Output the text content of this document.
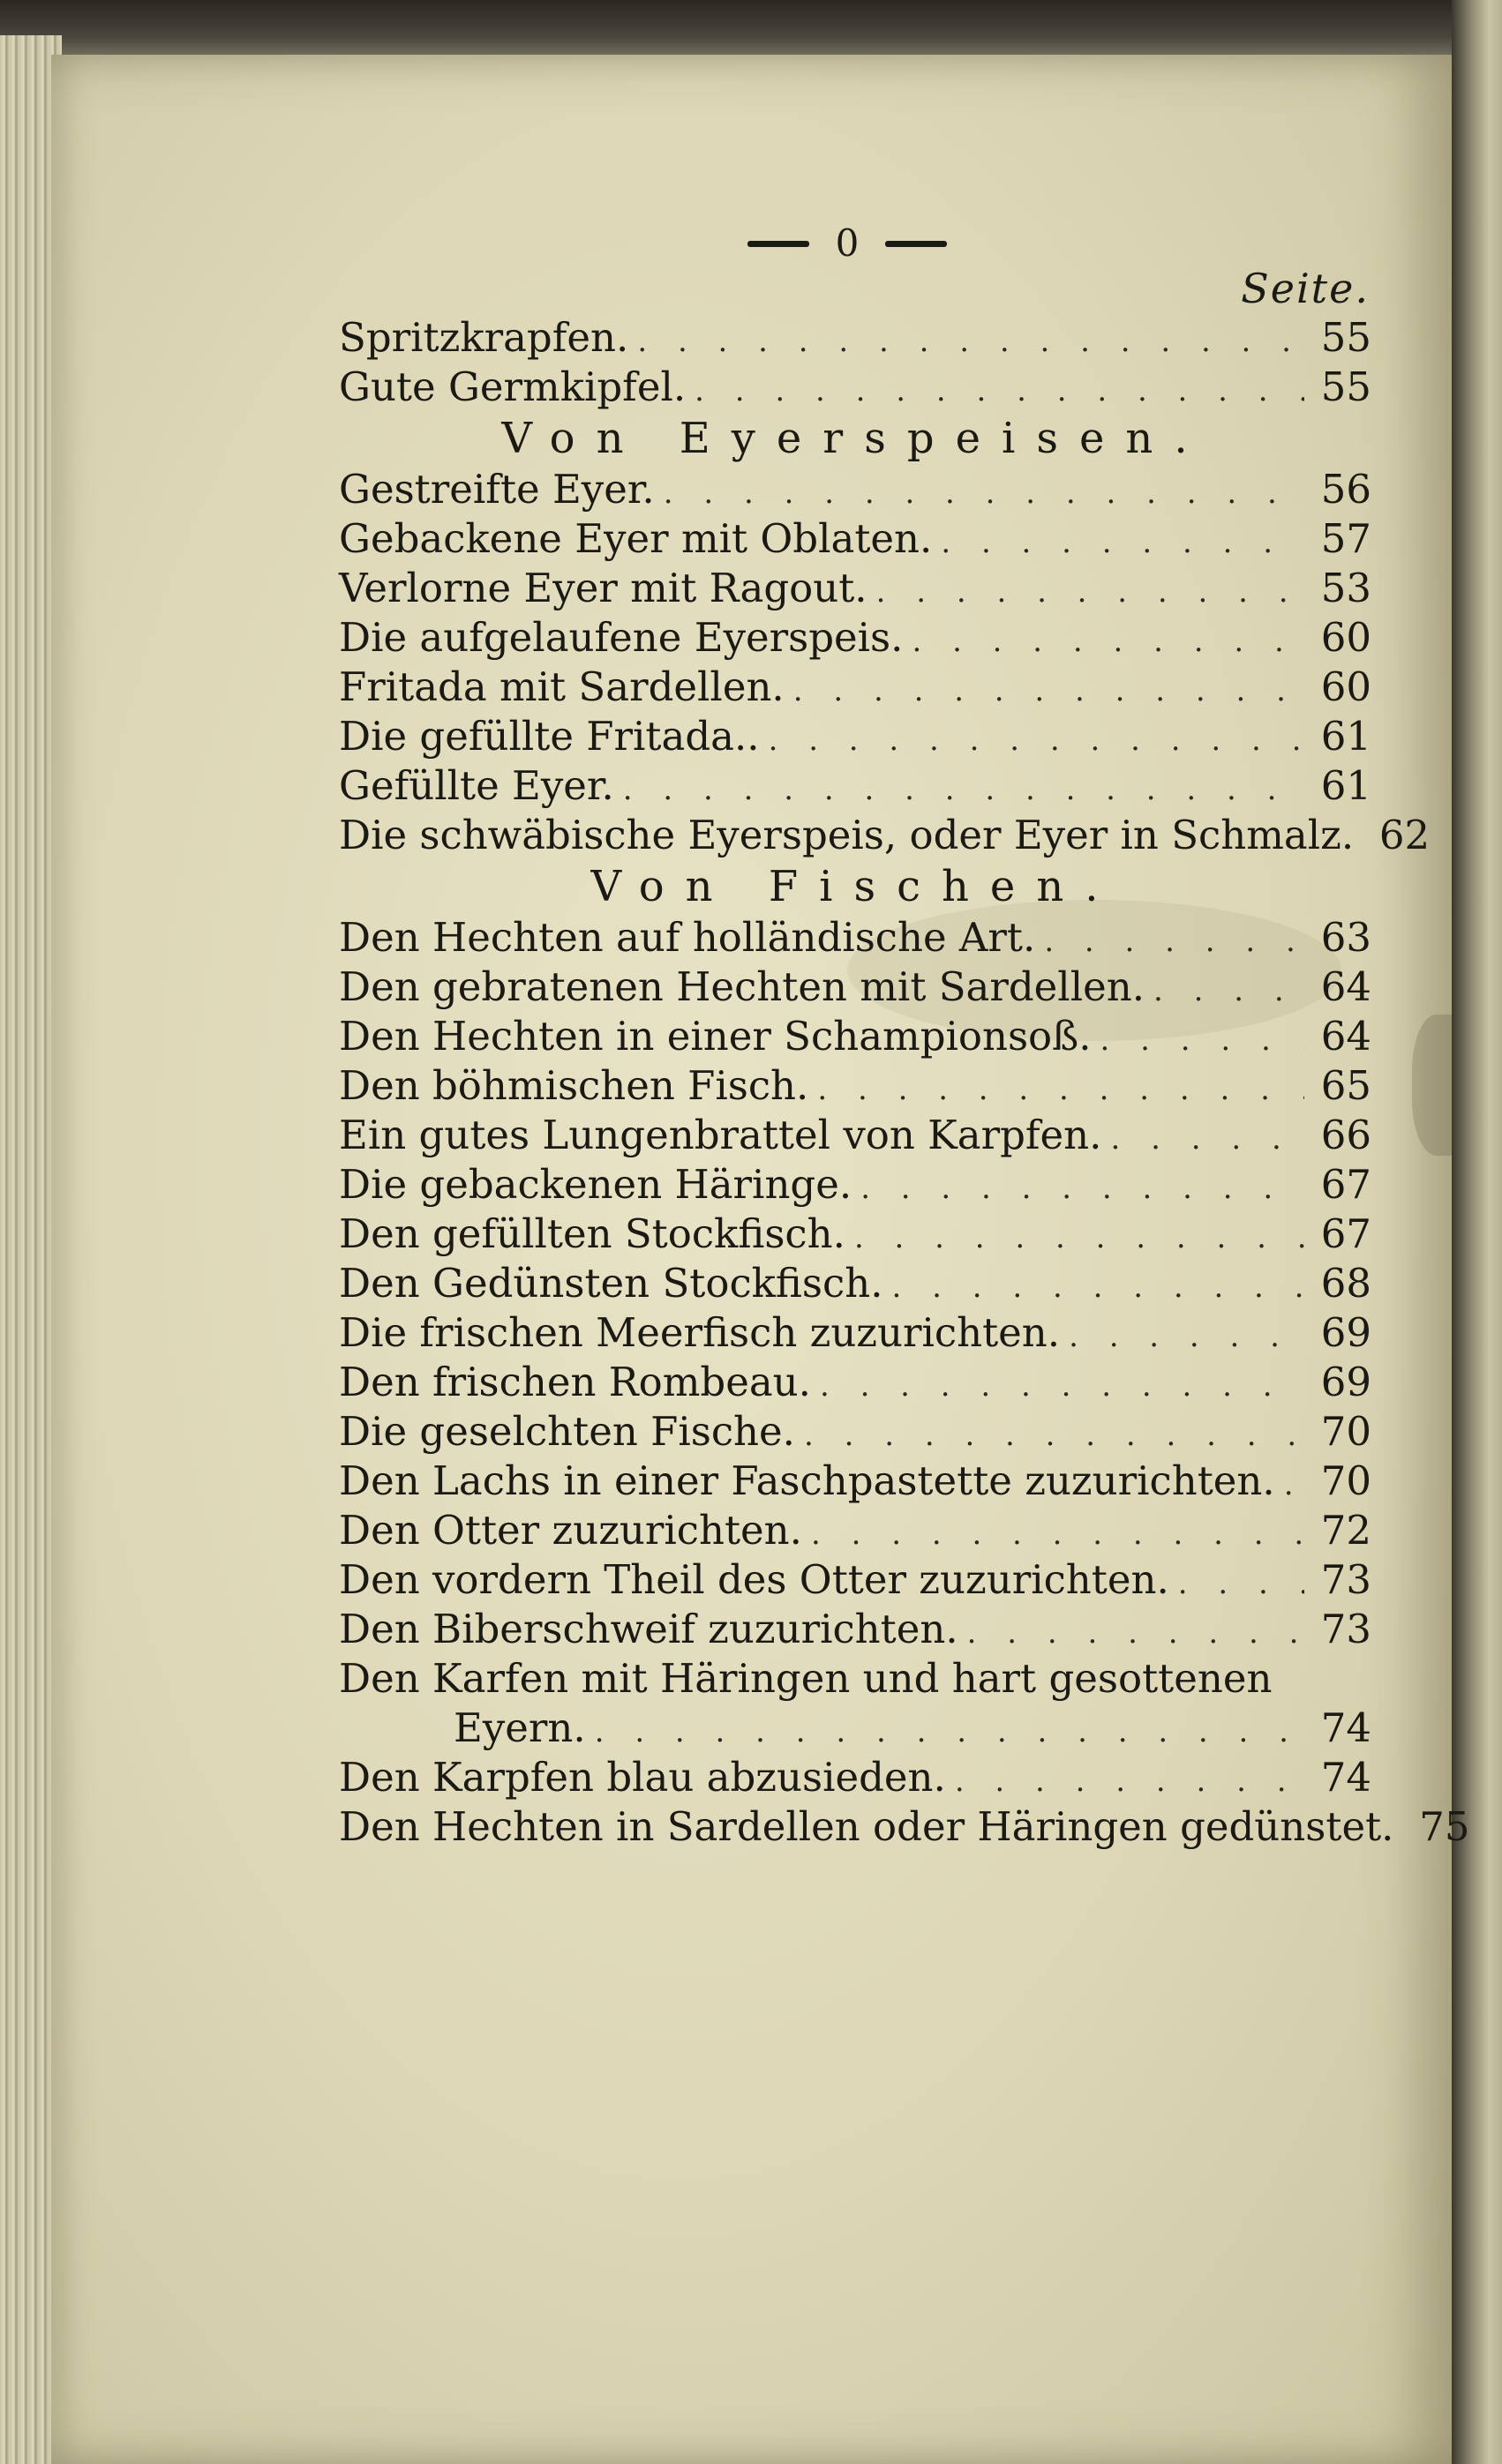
0
Seite.
Spritzkrapfen. . . .	55
Gute Germkipfel. . . .	55
Von Eyerspeisen.
Gestreifte Eyer. . . .	56
Gebackene Eyer mit Oblaten. . . .	57
Verlorne Eyer mit Ragout. . . .	53
Die aufgelaufene Eyerspeis. . . .	60
Fritada mit Sardellen. . . .	60
Die gefüllte Fritada.. . . .	61
Gefüllte Eyer. . . .	61
Die schwäbische Eyerspeis, oder Eyer in Schmalz. 62
Von Fischen.
Den Hechten auf holländische Art. . . .	63
Den gebratenen Hechten mit Sardellen. . . .	64
Den Hechten in einer Schampionsoß. . . .	64
Den böhmischen Fisch. . . .	65
Ein gutes Lungenbrattel von Karpfen. . . .	66
Die gebackenen Häringe. . . .	67
Den gefüllten Stockfisch. . . .	67
Den Gedünsten Stockfisch. . . .	68
Die frischen Meerfisch zuzurichten. . . .	69
Den frischen Rombeau. . . .	69
Die geselchten Fische. . . .	70
Den Lachs in einer Faschpastette zuzurichten. . . . 70
Den Otter zuzurichten. . . .	72
Den vordern Theil des Otter zuzurichten. . . .	73
Den Biberschweif zuzurichten. . . .	73
Den Karfen mit Häringen und hart gesottenen
Eyern. . . .	74
Den Karpfen blau abzusieden. . . .	74
Den Hechten in Sardellen oder Häringen gedünstet. 75
